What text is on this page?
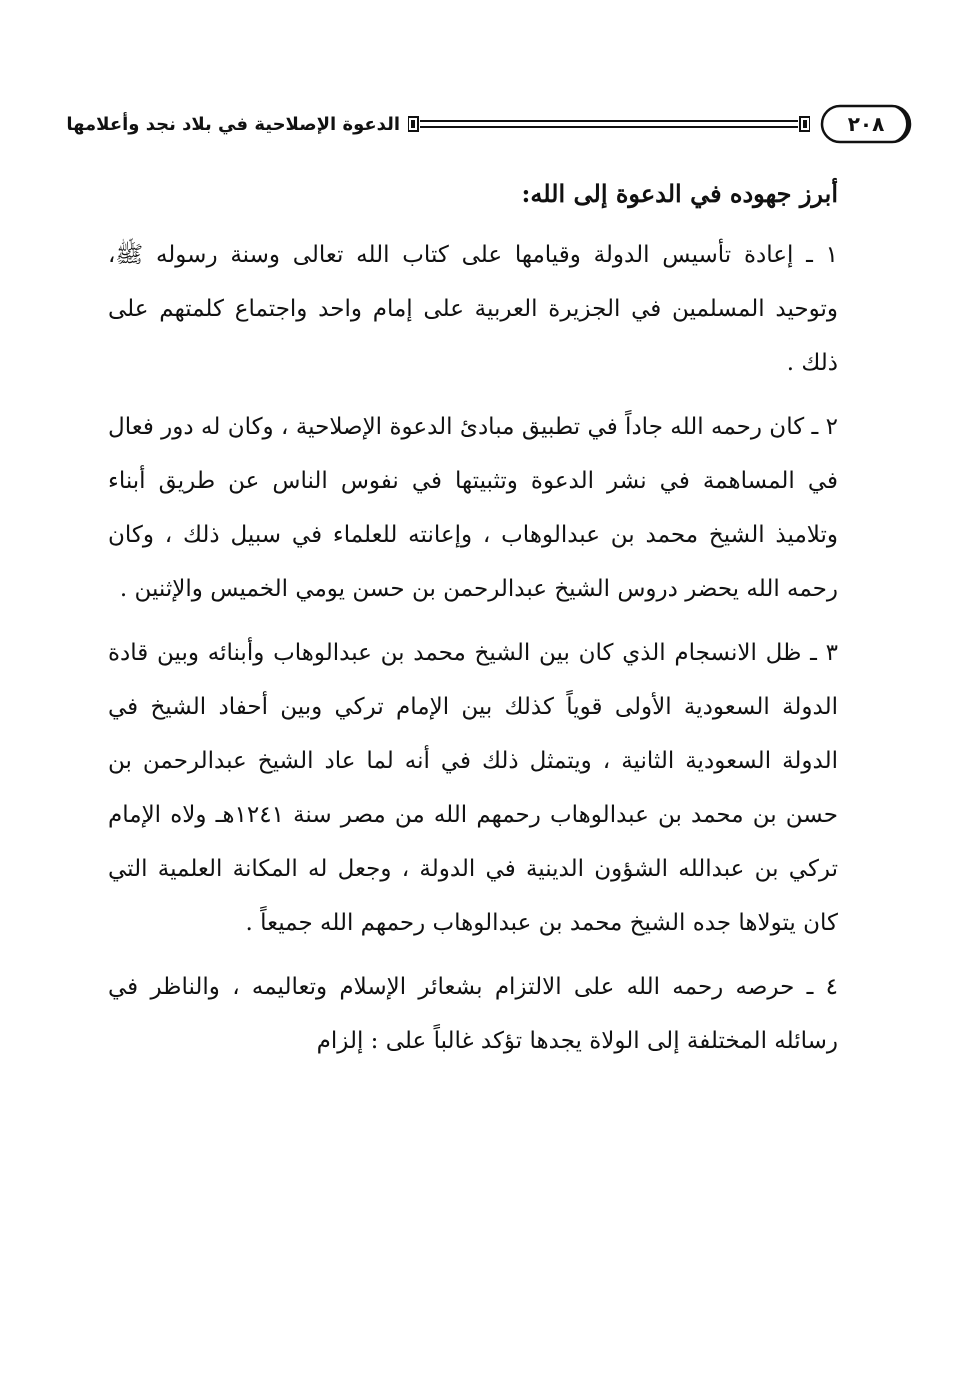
الدعوة الإصلاحية في بلاد نجد وأعلامها	٢٠٨
أبرز جهوده في الدعوة إلى الله:

١ ـ إعادة تأسيس الدولة وقيامها على كتاب الله تعالى وسنة رسوله ﷺ، وتوحيد المسلمين في الجزيرة العربية على إمام واحد واجتماع كلمتهم على ذلك .

٢ ـ كان رحمه الله جاداً في تطبيق مبادئ الدعوة الإصلاحية ، وكان له دور فعال في المساهمة في نشر الدعوة وتثبيتها في نفوس الناس عن طريق أبناء وتلاميذ الشيخ محمد بن عبدالوهاب ، وإعانته للعلماء في سبيل ذلك ، وكان رحمه الله يحضر دروس الشيخ عبدالرحمن بن حسن يومي الخميس والإثنين .

٣ ـ ظل الانسجام الذي كان بين الشيخ محمد بن عبدالوهاب وأبنائه وبين قادة الدولة السعودية الأولى قوياً كذلك بين الإمام تركي وبين أحفاد الشيخ في الدولة السعودية الثانية ، ويتمثل ذلك في أنه لما عاد الشيخ عبدالرحمن بن حسن بن محمد بن عبدالوهاب رحمهم الله من مصر سنة ١٢٤١هـ ولاه الإمام تركي بن عبدالله الشؤون الدينية في الدولة ، وجعل له المكانة العلمية التي كان يتولاها جده الشيخ محمد بن عبدالوهاب رحمهم الله جميعاً .

٤ ـ حرصه رحمه الله على الالتزام بشعائر الإسلام وتعاليمه ، والناظر في رسائله المختلفة إلى الولاة يجدها تؤكد غالباً على : إلزام
